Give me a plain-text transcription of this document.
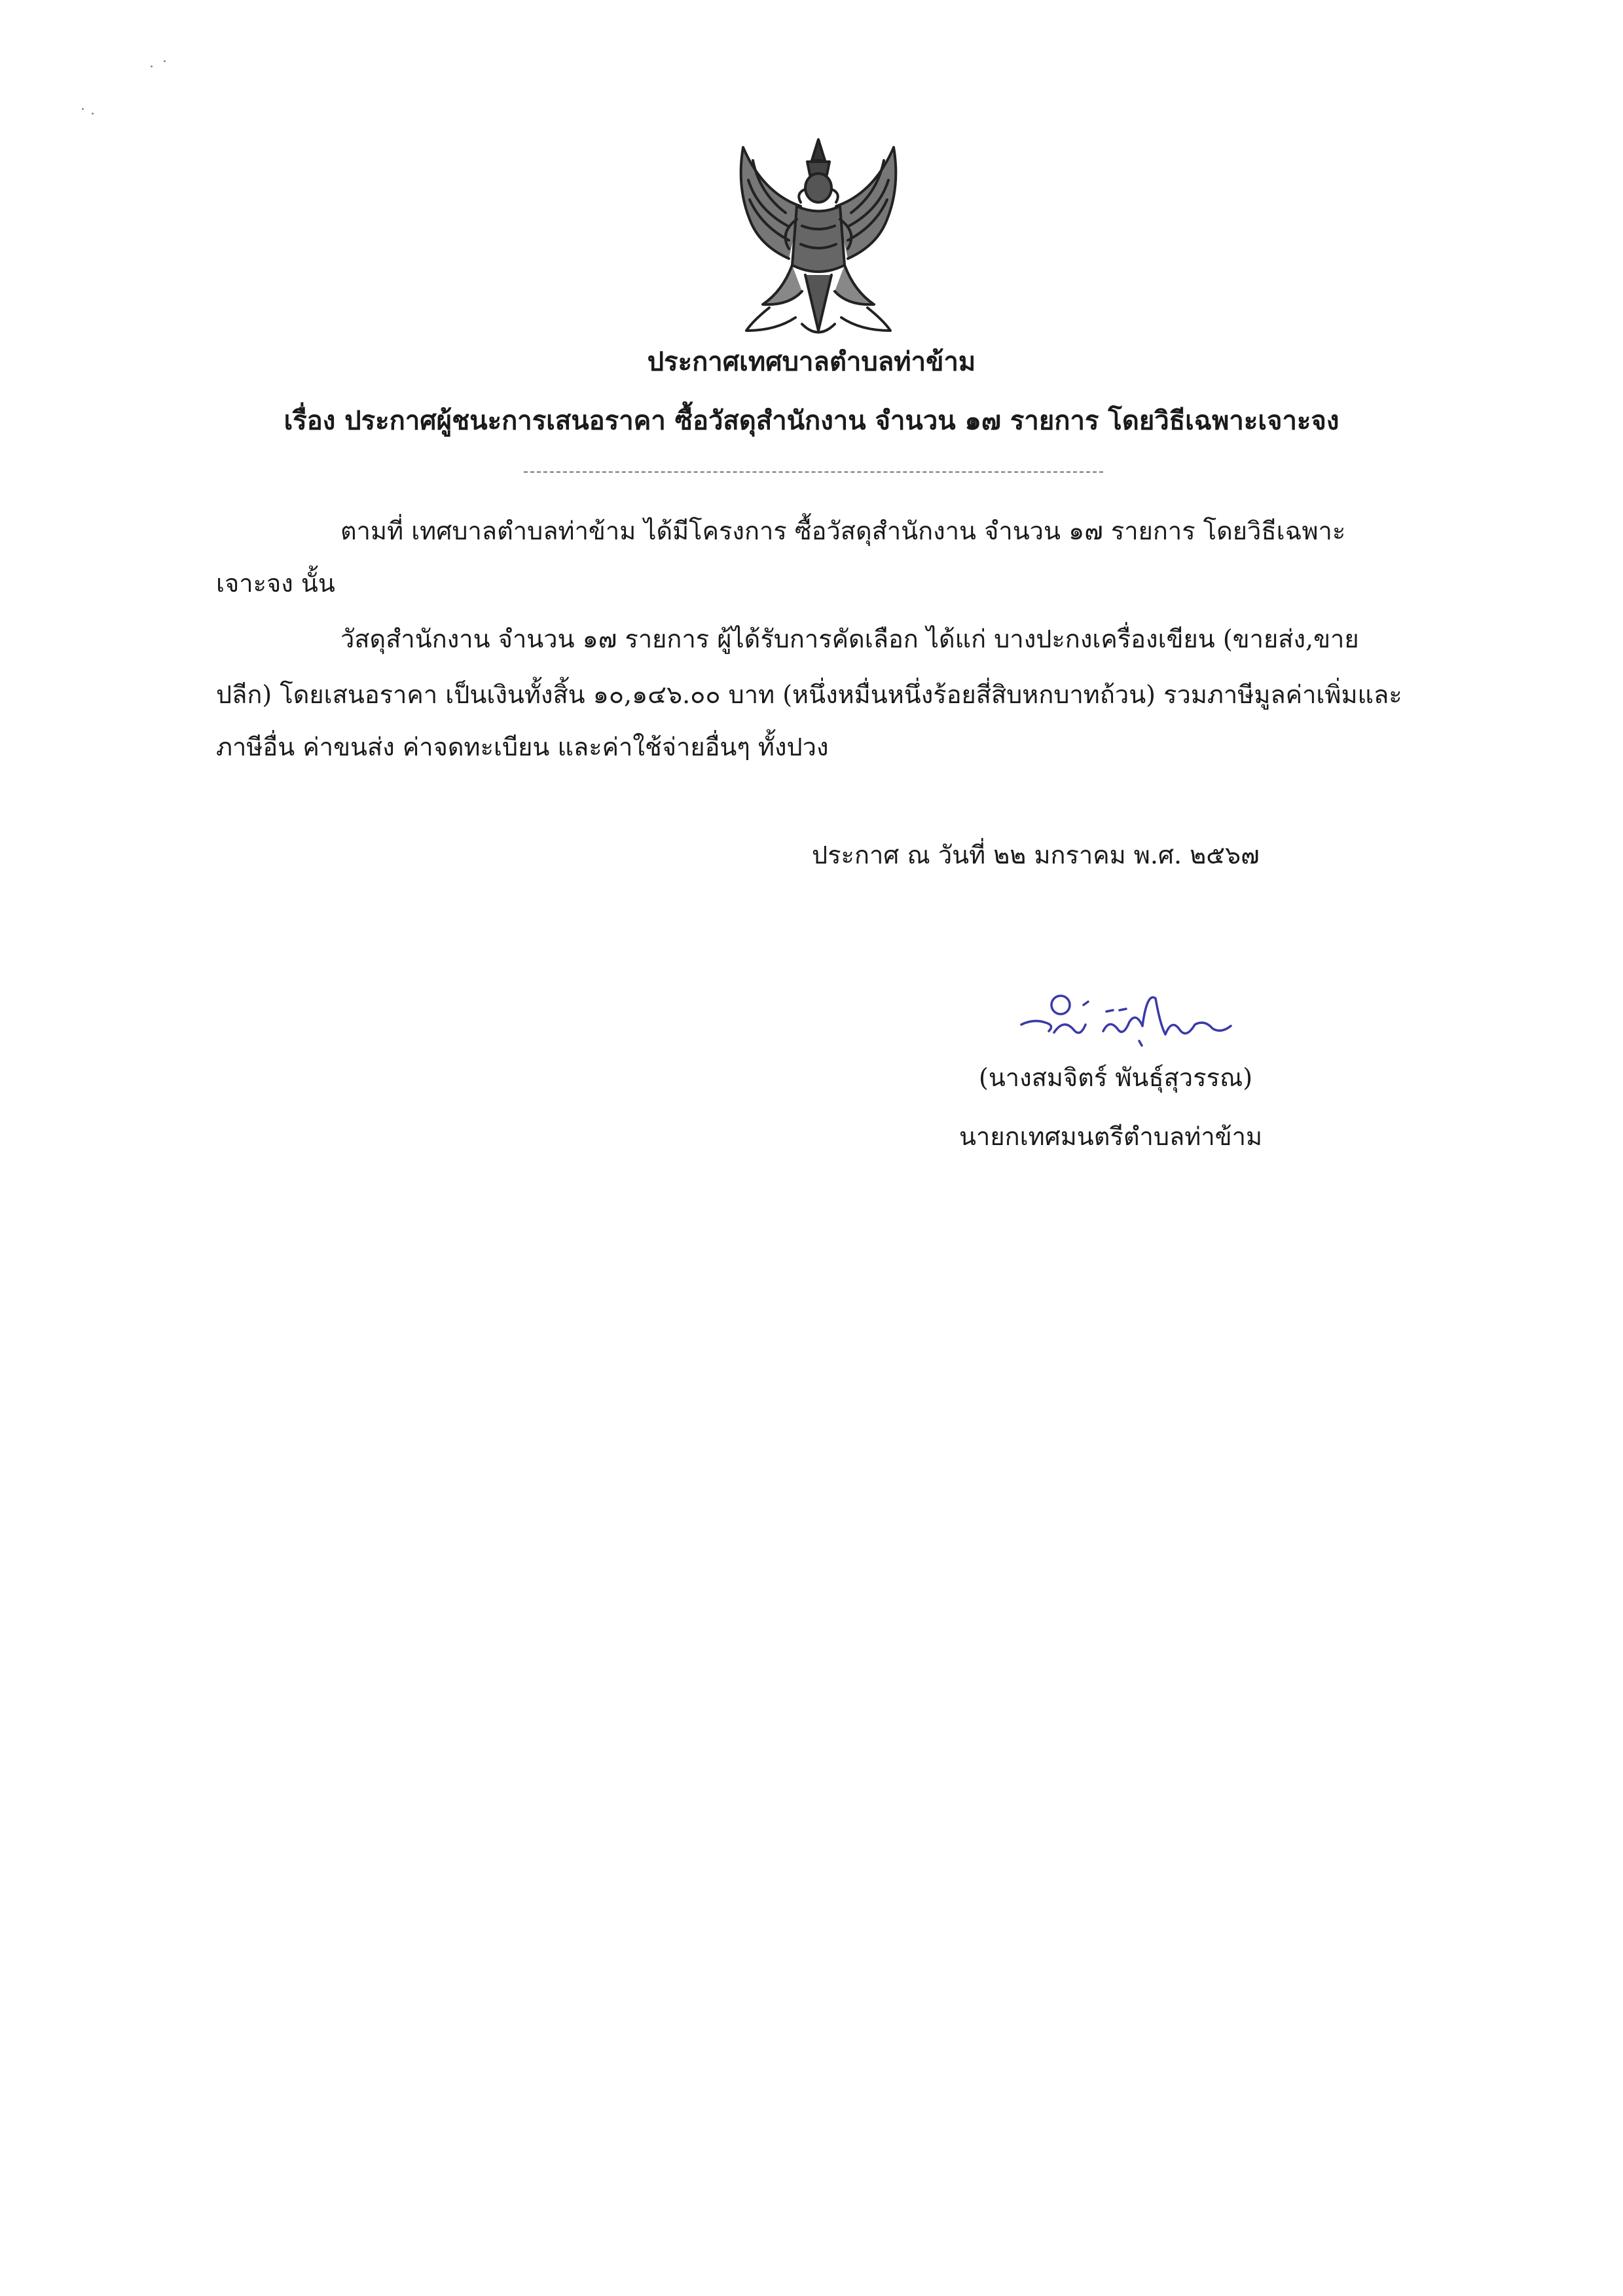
ประกาศเทศบาลตำบลท่าข้าม
เรื่อง ประกาศผู้ชนะการเสนอราคา ซื้อวัสดุสำนักงาน จำนวน ๑๗ รายการ โดยวิธีเฉพาะเจาะจง
ตามที่ เทศบาลตำบลท่าข้าม ได้มีโครงการ ซื้อวัสดุสำนักงาน จำนวน ๑๗ รายการ โดยวิธีเฉพาะ
เจาะจง นั้น
วัสดุสำนักงาน จำนวน ๑๗ รายการ ผู้ได้รับการคัดเลือก ได้แก่ บางปะกงเครื่องเขียน (ขายส่ง,ขาย
ปลีก) โดยเสนอราคา เป็นเงินทั้งสิ้น ๑๐,๑๔๖.๐๐ บาท (หนึ่งหมื่นหนึ่งร้อยสี่สิบหกบาทถ้วน) รวมภาษีมูลค่าเพิ่มและ
ภาษีอื่น ค่าขนส่ง ค่าจดทะเบียน และค่าใช้จ่ายอื่นๆ ทั้งปวง
ประกาศ ณ วันที่ ๒๒ มกราคม พ.ศ. ๒๕๖๗
(นางสมจิตร์ พันธุ์สุวรรณ)
นายกเทศมนตรีตำบลท่าข้าม
